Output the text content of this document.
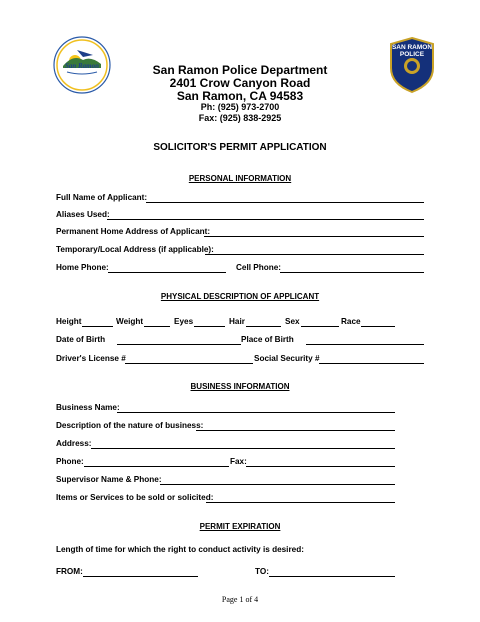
San Ramon
SAN RAMON
POLICE
San Ramon Police Department
2401 Crow Canyon Road
San Ramon, CA 94583
Ph: (925) 973-2700
Fax: (925) 838-2925
SOLICITOR'S PERMIT APPLICATION
PERSONAL INFORMATION
Full Name of Applicant:
Aliases Used:
Permanent Home Address of Applicant:
Temporary/Local Address (if applicable):
Home Phone:	Cell Phone:
PHYSICAL DESCRIPTION OF APPLICANT
Height	Weight	Eyes	Hair	Sex	Race
Date of Birth	Place of Birth
Driver's License #	Social Security #
BUSINESS INFORMATION
Business Name:
Description of the nature of business:
Address:
Phone:	Fax:
Supervisor Name & Phone:
Items or Services to be sold or solicited:
PERMIT EXPIRATION
Length of time for which the right to conduct activity is desired:
FROM:	TO:
Page 1 of 4
